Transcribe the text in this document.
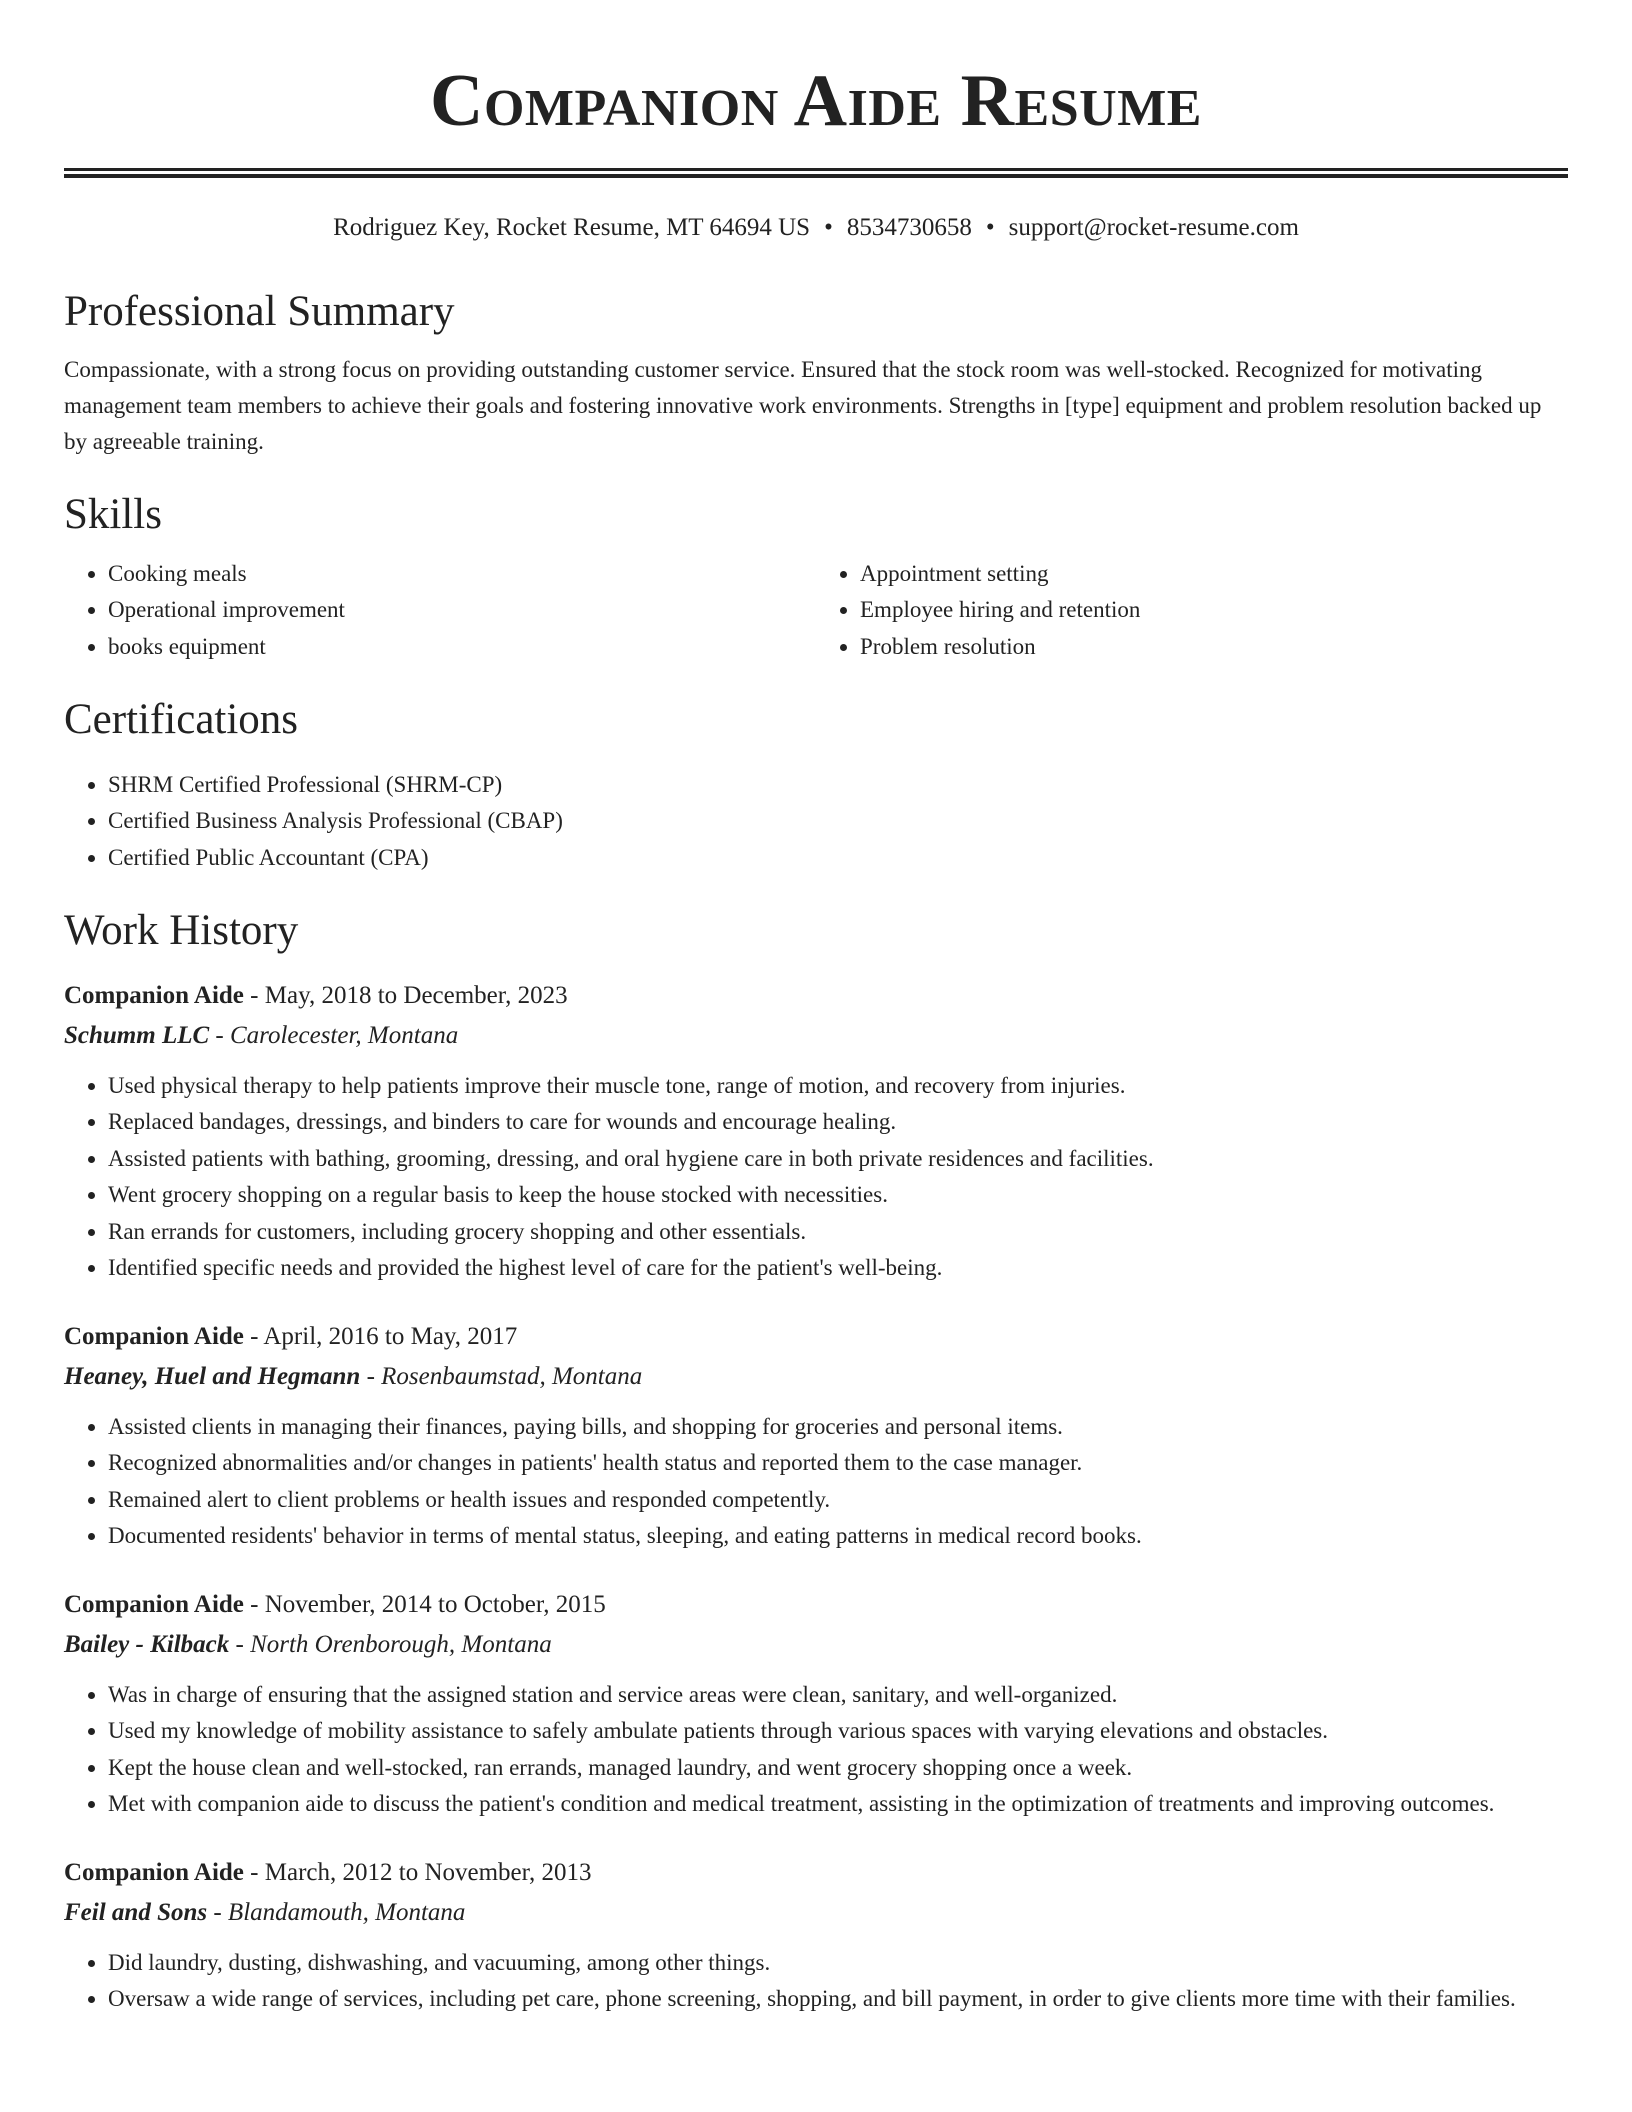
Companion Aide Resume
Rodriguez Key, Rocket Resume, MT 64694 US • 8534730658 • support@rocket-resume.com
Professional Summary
Compassionate, with a strong focus on providing outstanding customer service. Ensured that the stock room was well-stocked. Recognized for motivating management team members to achieve their goals and fostering innovative work environments. Strengths in [type] equipment and problem resolution backed up by agreeable training.
Skills
• Cooking meals
• Operational improvement
• books equipment
• Appointment setting
• Employee hiring and retention
• Problem resolution
Certifications
• SHRM Certified Professional (SHRM-CP)
• Certified Business Analysis Professional (CBAP)
• Certified Public Accountant (CPA)
Work History
Companion Aide - May, 2018 to December, 2023
Schumm LLC - Carolecester, Montana
• Used physical therapy to help patients improve their muscle tone, range of motion, and recovery from injuries.
• Replaced bandages, dressings, and binders to care for wounds and encourage healing.
• Assisted patients with bathing, grooming, dressing, and oral hygiene care in both private residences and facilities.
• Went grocery shopping on a regular basis to keep the house stocked with necessities.
• Ran errands for customers, including grocery shopping and other essentials.
• Identified specific needs and provided the highest level of care for the patient's well-being.
Companion Aide - April, 2016 to May, 2017
Heaney, Huel and Hegmann - Rosenbaumstad, Montana
• Assisted clients in managing their finances, paying bills, and shopping for groceries and personal items.
• Recognized abnormalities and/or changes in patients' health status and reported them to the case manager.
• Remained alert to client problems or health issues and responded competently.
• Documented residents' behavior in terms of mental status, sleeping, and eating patterns in medical record books.
Companion Aide - November, 2014 to October, 2015
Bailey - Kilback - North Orenborough, Montana
• Was in charge of ensuring that the assigned station and service areas were clean, sanitary, and well-organized.
• Used my knowledge of mobility assistance to safely ambulate patients through various spaces with varying elevations and obstacles.
• Kept the house clean and well-stocked, ran errands, managed laundry, and went grocery shopping once a week.
• Met with companion aide to discuss the patient's condition and medical treatment, assisting in the optimization of treatments and improving outcomes.
Companion Aide - March, 2012 to November, 2013
Feil and Sons - Blandamouth, Montana
• Did laundry, dusting, dishwashing, and vacuuming, among other things.
• Oversaw a wide range of services, including pet care, phone screening, shopping, and bill payment, in order to give clients more time with their families.
